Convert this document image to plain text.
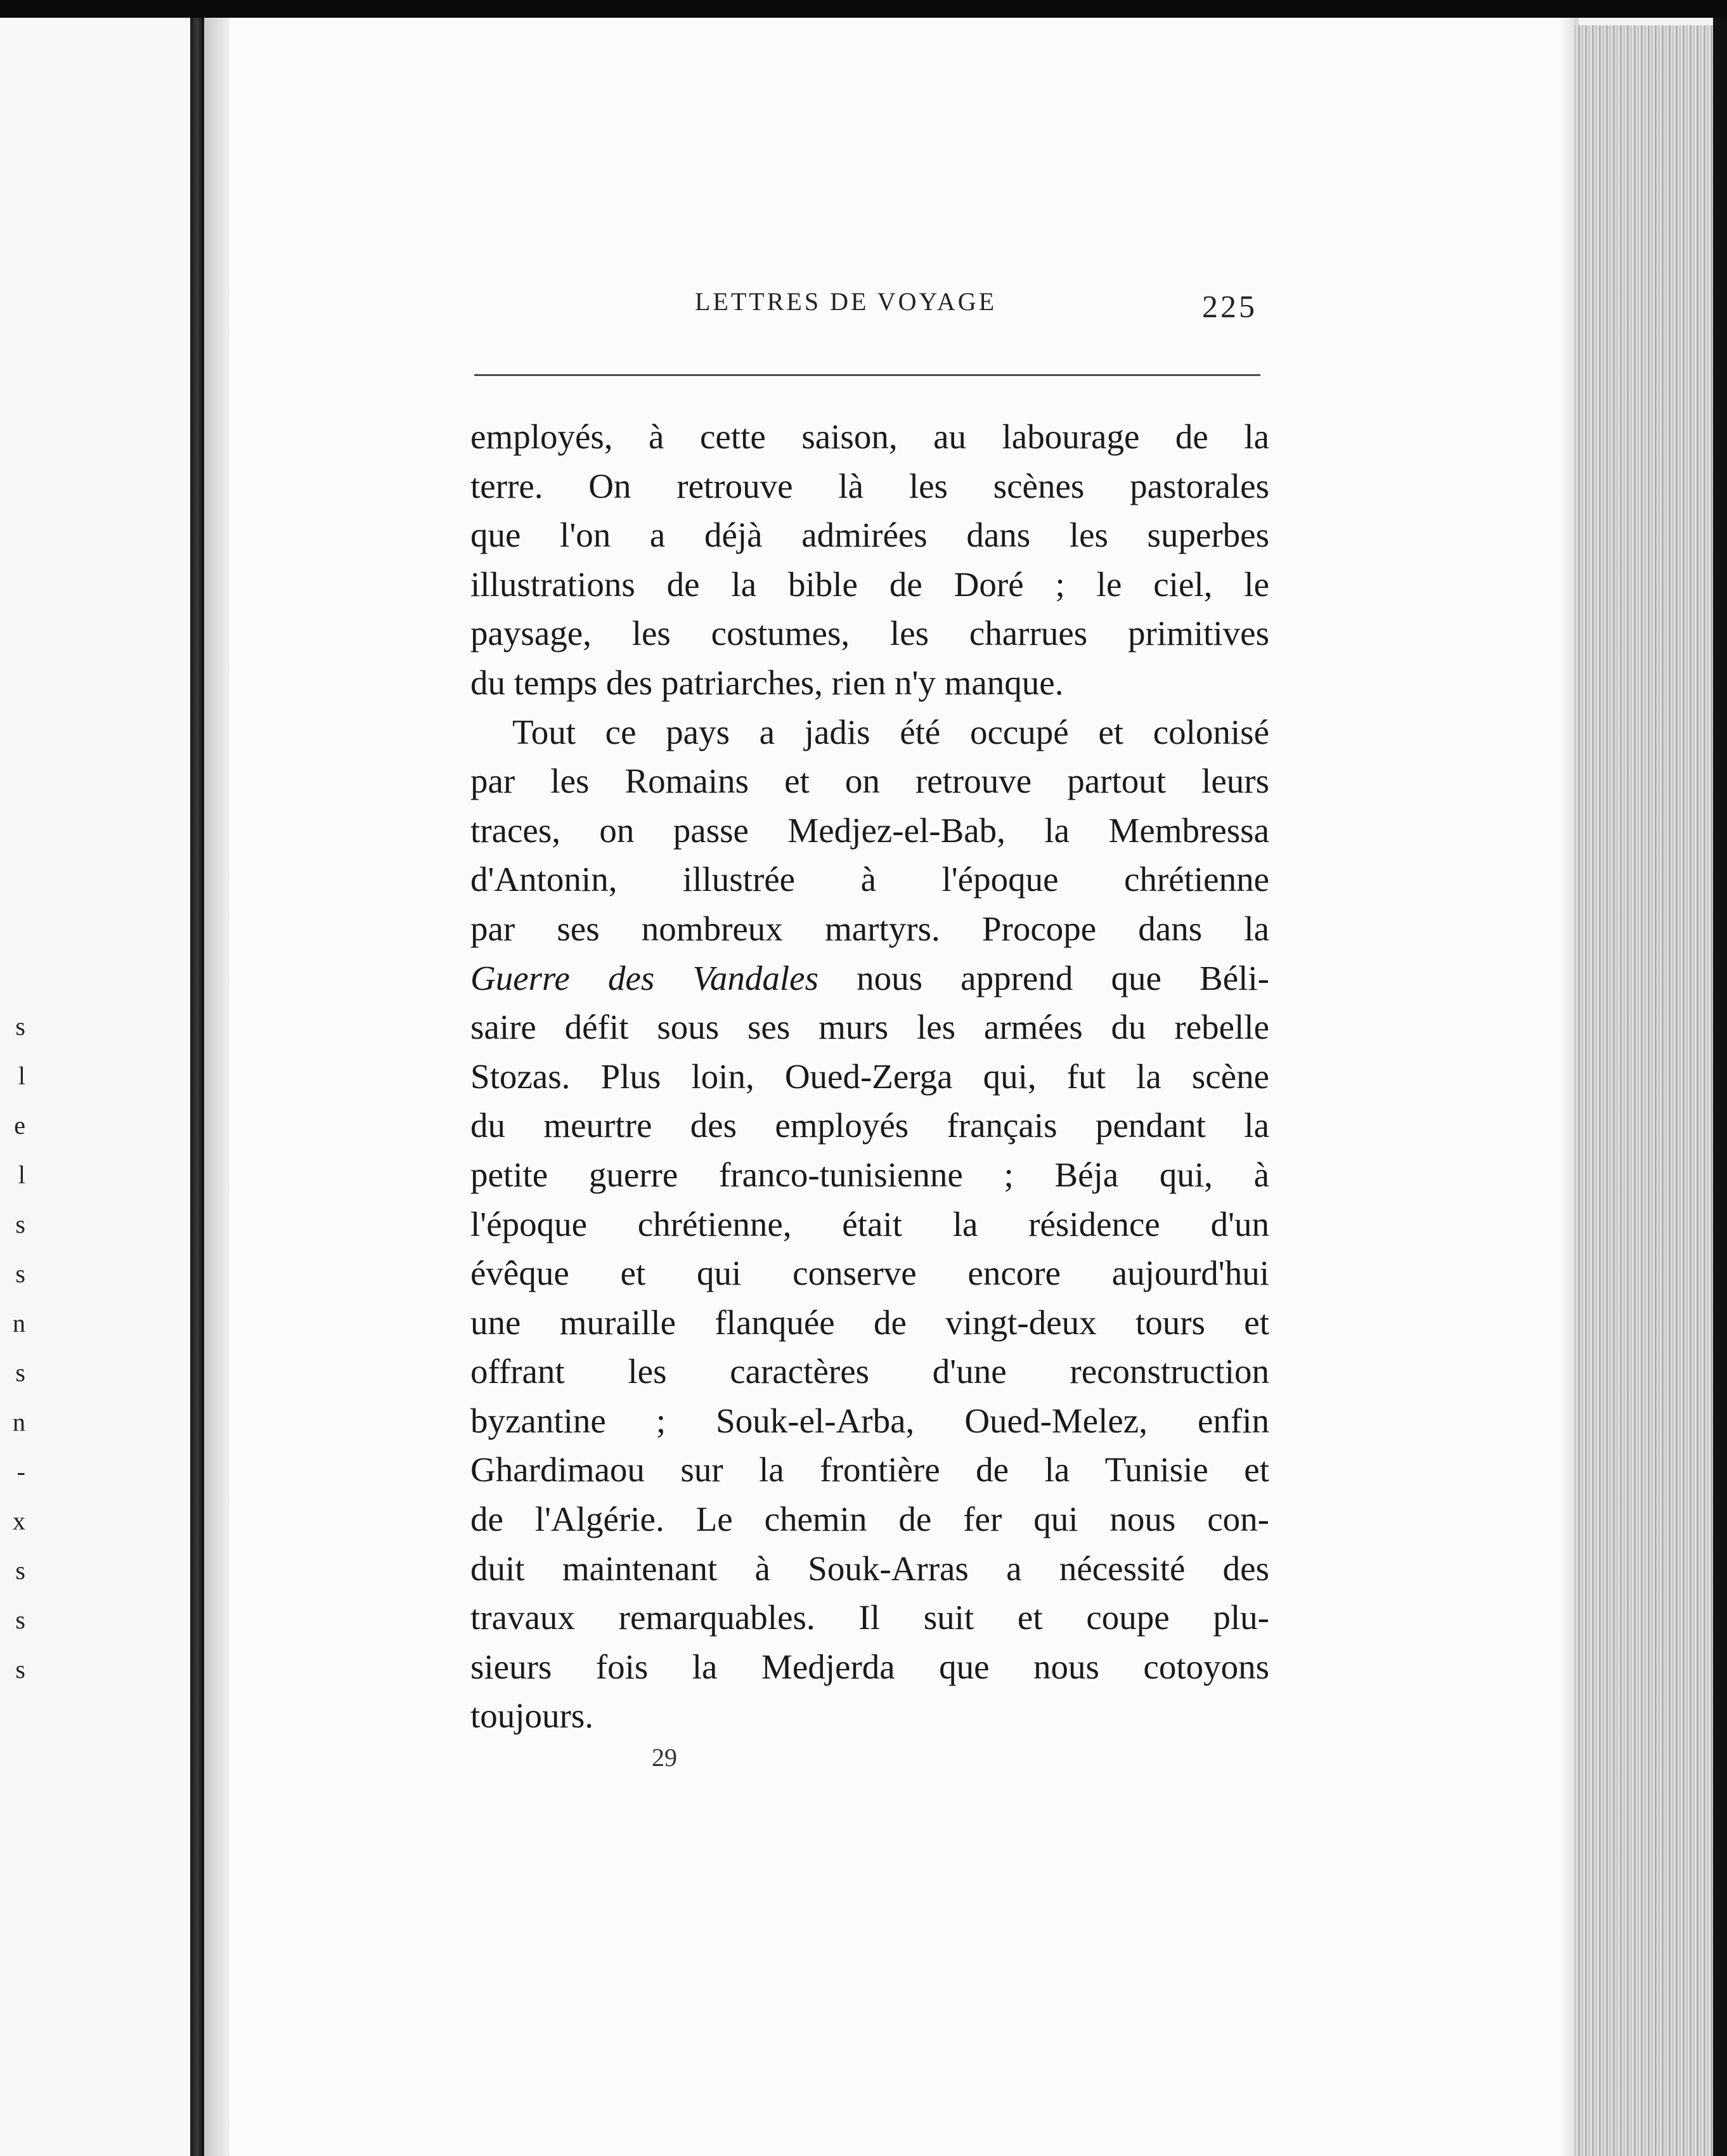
s
l
e
l
s
s
n
s
n
-
x
s
s
s
LETTRES DE VOYAGE	225
employés, à cette saison, au labourage de la
terre. On retrouve là les scènes pastorales
que l'on a déjà admirées dans les superbes
illustrations de la bible de Doré ; le ciel, le
paysage, les costumes, les charrues primitives
du temps des patriarches, rien n'y manque.
Tout ce pays a jadis été occupé et colonisé
par les Romains et on retrouve partout leurs
traces, on passe Medjez-el-Bab, la Membressa
d'Antonin, illustrée à l'époque chrétienne
par ses nombreux martyrs. Procope dans la
Guerre des Vandales nous apprend que Béli-
saire défit sous ses murs les armées du rebelle
Stozas. Plus loin, Oued-Zerga qui, fut la scène
du meurtre des employés français pendant la
petite guerre franco-tunisienne ; Béja qui, à
l'époque chrétienne, était la résidence d'un
évêque et qui conserve encore aujourd'hui
une muraille flanquée de vingt-deux tours et
offrant les caractères d'une reconstruction
byzantine ; Souk-el-Arba, Oued-Melez, enfin
Ghardimaou sur la frontière de la Tunisie et
de l'Algérie. Le chemin de fer qui nous con-
duit maintenant à Souk-Arras a nécessité des
travaux remarquables. Il suit et coupe plu-
sieurs fois la Medjerda que nous cotoyons
toujours.
29
